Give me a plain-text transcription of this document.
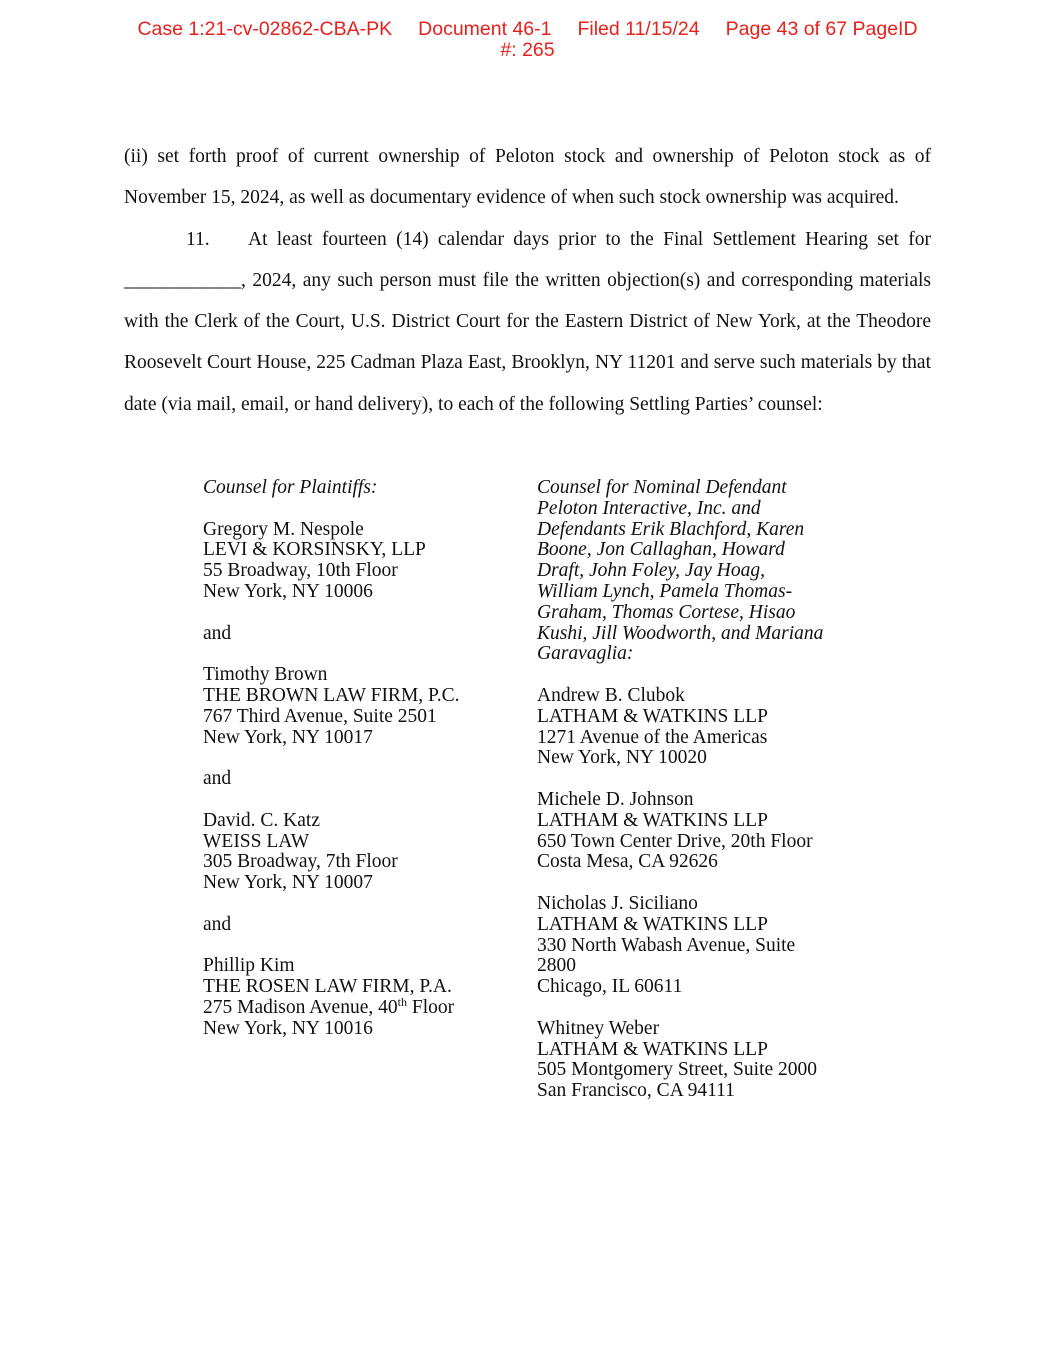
Case 1:21-cv-02862-CBA-PK Document 46-1 Filed 11/15/24 Page 43 of 67 PageID
#: 265

(ii) set forth proof of current ownership of Peloton stock and ownership of Peloton stock as of November 15, 2024, as well as documentary evidence of when such stock ownership was acquired.

11. At least fourteen (14) calendar days prior to the Final Settlement Hearing set for ____________, 2024, any such person must file the written objection(s) and corresponding materials with the Clerk of the Court, U.S. District Court for the Eastern District of New York, at the Theodore Roosevelt Court House, 225 Cadman Plaza East, Brooklyn, NY 11201 and serve such materials by that date (via mail, email, or hand delivery), to each of the following Settling Parties’ counsel:

Counsel for Plaintiffs:
Gregory M. Nespole
LEVI & KORSINSKY, LLP
55 Broadway, 10th Floor
New York, NY 10006
and
Timothy Brown
THE BROWN LAW FIRM, P.C.
767 Third Avenue, Suite 2501
New York, NY 10017
and
David. C. Katz
WEISS LAW
305 Broadway, 7th Floor
New York, NY 10007
and
Phillip Kim
THE ROSEN LAW FIRM, P.A.
275 Madison Avenue, 40th Floor
New York, NY 10016
Counsel for Nominal Defendant
Peloton Interactive, Inc. and
Defendants Erik Blachford, Karen
Boone, Jon Callaghan, Howard
Draft, John Foley, Jay Hoag,
William Lynch, Pamela Thomas-
Graham, Thomas Cortese, Hisao
Kushi, Jill Woodworth, and Mariana
Garavaglia:
Andrew B. Clubok
LATHAM & WATKINS LLP
1271 Avenue of the Americas
New York, NY 10020
Michele D. Johnson
LATHAM & WATKINS LLP
650 Town Center Drive, 20th Floor
Costa Mesa, CA 92626
Nicholas J. Siciliano
LATHAM & WATKINS LLP
330 North Wabash Avenue, Suite
2800
Chicago, IL 60611
Whitney Weber
LATHAM & WATKINS LLP
505 Montgomery Street, Suite 2000
San Francisco, CA 94111
